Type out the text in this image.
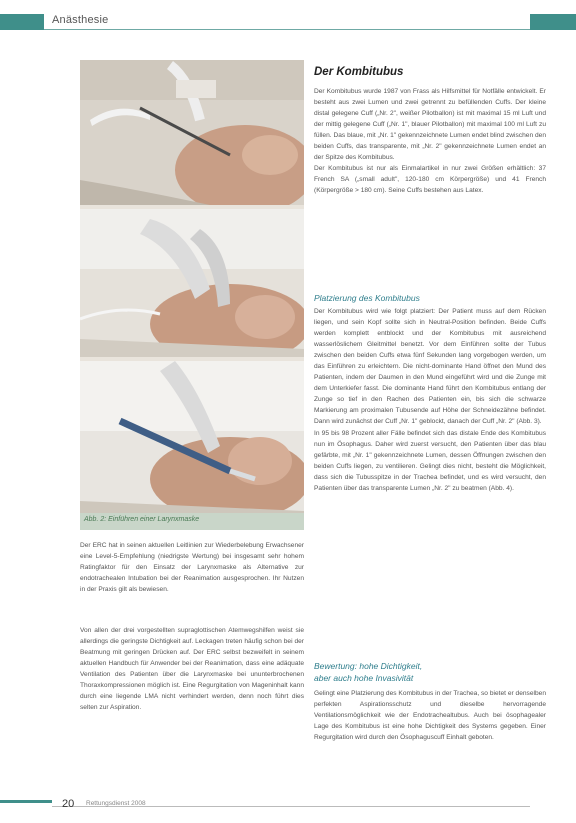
Anästhesie
Abb. 2: Einführen einer Larynxmaske
Der Kombitubus

Der Kombitubus wurde 1987 von Frass als Hilfsmittel für Notfälle entwickelt. Er besteht aus zwei Lumen und zwei getrennt zu befüllenden Cuffs. Der kleine distal gelegene Cuff („Nr. 2", weißer Pilotballon) ist mit maximal 15 ml Luft und der mittig gelegene Cuff („Nr. 1", blauer Pilotballon) mit maximal 100 ml Luft zu füllen. Das blaue, mit „Nr. 1" gekennzeichnete Lumen endet blind zwischen den beiden Cuffs, das transparente, mit „Nr. 2" gekennzeichnete Lumen endet an der Spitze des Kombitubus.

Der Kombitubus ist nur als Einmalartikel in nur zwei Größen erhältlich: 37 French SA („small adult", 120-180 cm Körpergröße) und 41 French (Körpergröße > 180 cm). Seine Cuffs bestehen aus Latex.

Platzierung des Kombitubus

Der Kombitubus wird wie folgt platziert: Der Patient muss auf dem Rücken liegen, und sein Kopf sollte sich in Neutral-Position befinden. Beide Cuffs werden komplett entblockt und der Kombitubus mit ausreichend wasserlöslichem Gleitmittel benetzt. Vor dem Einführen sollte der Tubus zwischen den beiden Cuffs etwa fünf Sekunden lang vorgebogen werden, um das Einführen zu erleichtern. Die nicht-dominante Hand öffnet den Mund des Patienten, indem der Daumen in den Mund eingeführt wird und die Zunge mit dem Unterkiefer fasst. Die dominante Hand führt den Kombitubus entlang der Zunge so tief in den Rachen des Patienten ein, bis sich die schwarze Markierung am proximalen Tubusende auf Höhe der Schneidezähne befindet. Dann wird zunächst der Cuff „Nr. 1" geblockt, danach der Cuff „Nr. 2" (Abb. 3).

In 95 bis 98 Prozent aller Fälle befindet sich das distale Ende des Kombitubus nun im Ösophagus. Daher wird zuerst versucht, den Patienten über das blau gefärbte, mit „Nr. 1" gekennzeichnete Lumen, dessen Öffnungen zwischen den beiden Cuffs liegen, zu ventilieren. Gelingt dies nicht, besteht die Möglichkeit, dass sich die Tubusspitze in der Trachea befindet, und es wird versucht, den Patienten über das transparente Lumen „Nr. 2" zu beatmen (Abb. 4).

Bewertung: hohe Dichtigkeit,
aber auch hohe Invasivität

Gelingt eine Platzierung des Kombitubus in der Trachea, so bietet er denselben perfekten Aspirationsschutz und dieselbe hervorragende Ventilationsmöglichkeit wie der Endotrachealtubus. Auch bei ösophagealer Lage des Kombitubus ist eine hohe Dichtigkeit des Systems gegeben. Einer Regurgitation wird durch den Ösophaguscuff Einhalt geboten.

Der ERC hat in seinen aktuellen Leitlinien zur Wiederbelebung Erwachsener eine Level-5-Empfehlung (niedrigste Wertung) bei insgesamt sehr hohem Ratingfaktor für den Einsatz der Larynxmaske als Alternative zur endotrachealen Intubation bei der Reanimation ausgesprochen. Ihr Nutzen in der Praxis gilt als bewiesen.

Von allen der drei vorgestellten supraglottischen Atemwegshilfen weist sie allerdings die geringste Dichtigkeit auf. Leckagen treten häufig schon bei der Beatmung mit geringen Drücken auf. Der ERC selbst bezweifelt in seinem aktuellen Handbuch für Anwender bei der Reanimation, dass eine adäquate Ventilation des Patienten über die Larynxmaske bei ununterbrochenen Thoraxkompressionen möglich ist. Eine Regurgitation von Mageninhalt kann durch eine liegende LMA nicht verhindert werden, denn noch führt dies selten zur Aspiration.

20 Rettungsdienst 2008
